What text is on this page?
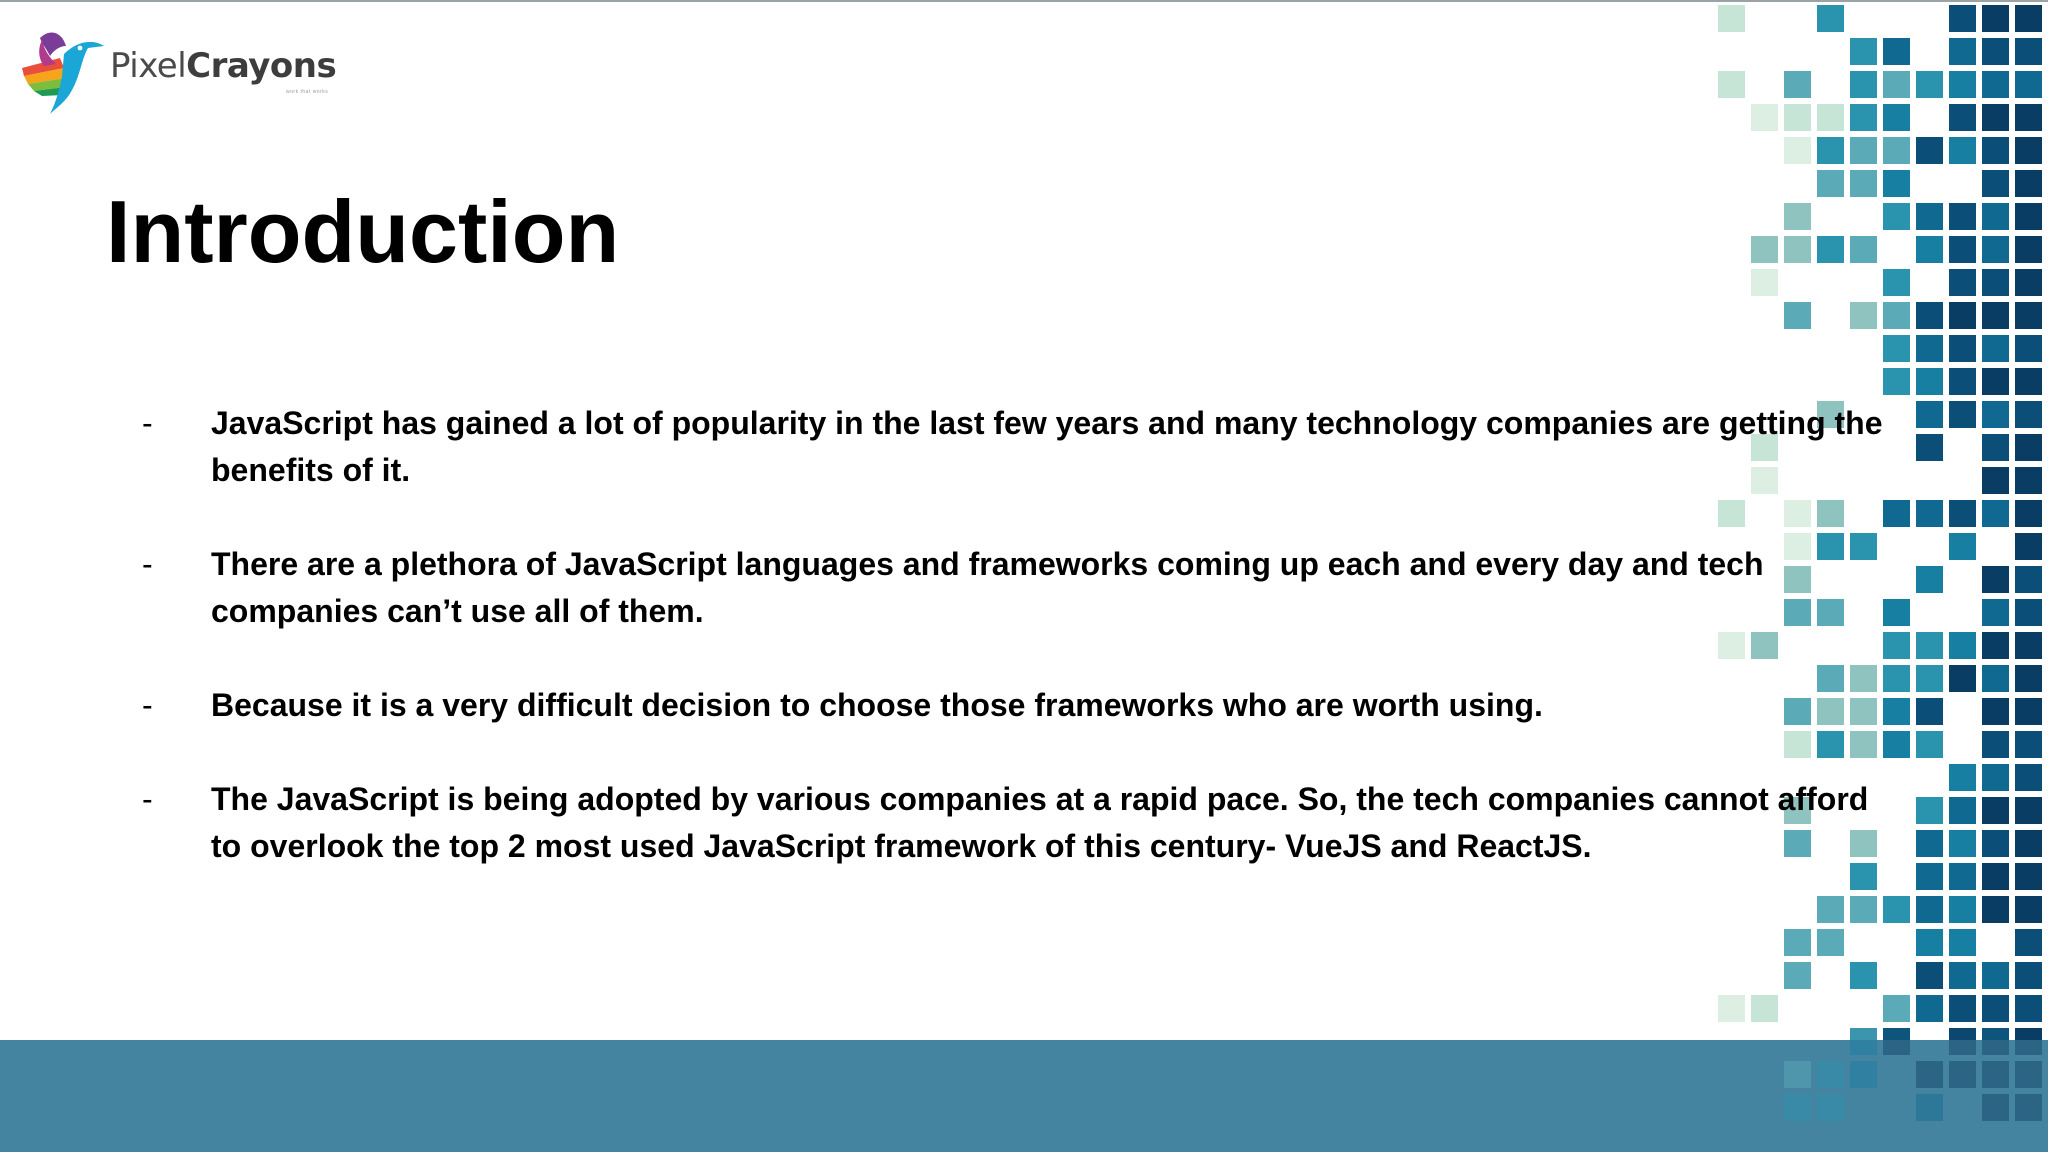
PixelCrayons
work that works
Introduction
- JavaScript has gained a lot of popularity in the last few years and many technology companies are getting the benefits of it.
- There are a plethora of JavaScript languages and frameworks coming up each and every day and tech companies can’t use all of them.
- Because it is a very difficult decision to choose those frameworks who are worth using.
- The JavaScript is being adopted by various companies at a rapid pace. So, the tech companies cannot afford to overlook the top 2 most used JavaScript framework of this century- VueJS and ReactJS.
